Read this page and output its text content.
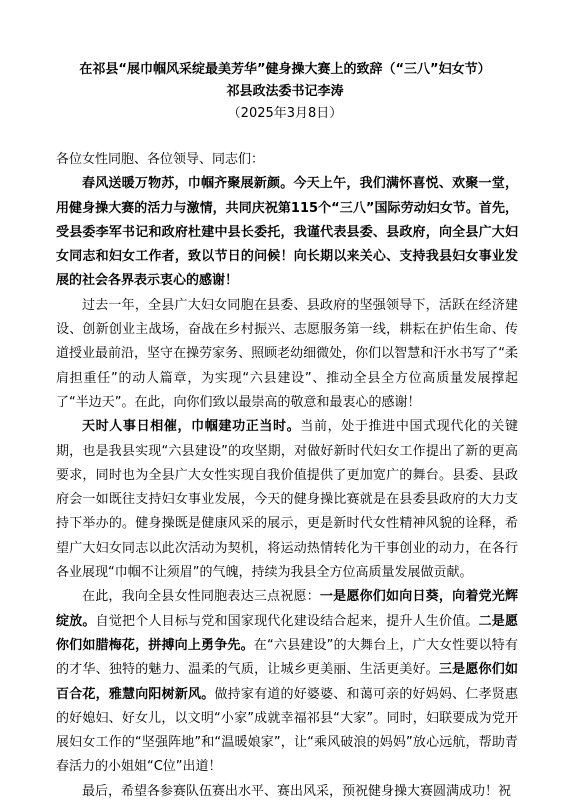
在祁县“展巾帼风采绽最美芳华”健身操大赛上的致辞（“三八”妇女节）
祁县政法委书记李涛
（2025年3月8日）

各位女性同胞、各位领导、同志们：

春风送暖万物苏，巾帼齐聚展新颜。今天上午，我们满怀喜悦、欢聚一堂，用健身操大赛的活力与激情，共同庆祝第115个“三八”国际劳动妇女节。首先，受县委李军书记和政府杜建中县长委托，我谨代表县委、县政府，向全县广大妇女同志和妇女工作者，致以节日的问候！向长期以来关心、支持我县妇女事业发展的社会各界表示衷心的感谢！

过去一年，全县广大妇女同胞在县委、县政府的坚强领导下，活跃在经济建设、创新创业主战场，奋战在乡村振兴、志愿服务第一线，耕耘在护佑生命、传道授业最前沿，坚守在操劳家务、照顾老幼细微处，你们以智慧和汗水书写了“柔肩担重任”的动人篇章，为实现“六县建设”、推动全县全方位高质量发展撑起了“半边天”。在此，向你们致以最崇高的敬意和最衷心的感谢！

天时人事日相催，巾帼建功正当时。当前，处于推进中国式现代化的关键期，也是我县实现“六县建设”的攻坚期，对做好新时代妇女工作提出了新的更高要求，同时也为全县广大女性实现自我价值提供了更加宽广的舞台。县委、县政府会一如既往支持妇女事业发展，今天的健身操比赛就是在县委县政府的大力支持下举办的。健身操既是健康风采的展示，更是新时代女性精神风貌的诠释，希望广大妇女同志以此次活动为契机，将运动热情转化为干事创业的动力，在各行各业展现“巾帼不让须眉”的气魄，持续为我县全方位高质量发展做贡献。

在此，我向全县女性同胞表达三点祝愿：一是愿你们如向日葵，向着党光辉绽放。自觉把个人目标与党和国家现代化建设结合起来，提升人生价值。二是愿你们如腊梅花，拼搏向上勇争先。在“六县建设”的大舞台上，广大女性要以特有的才华、独特的魅力、温柔的气质，让城乡更美丽、生活更美好。三是愿你们如百合花，雅慧向阳树新风。做持家有道的好婆婆、和蔼可亲的好妈妈、仁孝贤惠的好媳妇、好女儿，以文明“小家”成就幸福祁县“大家”。同时，妇联要成为党开展妇女工作的“坚强阵地”和“温暖娘家”，让“乘风破浪的妈妈”放心远航，帮助青春活力的小姐姐“C位”出道！

最后，希望各参赛队伍赛出水平、赛出风采，预祝健身操大赛圆满成功！祝
